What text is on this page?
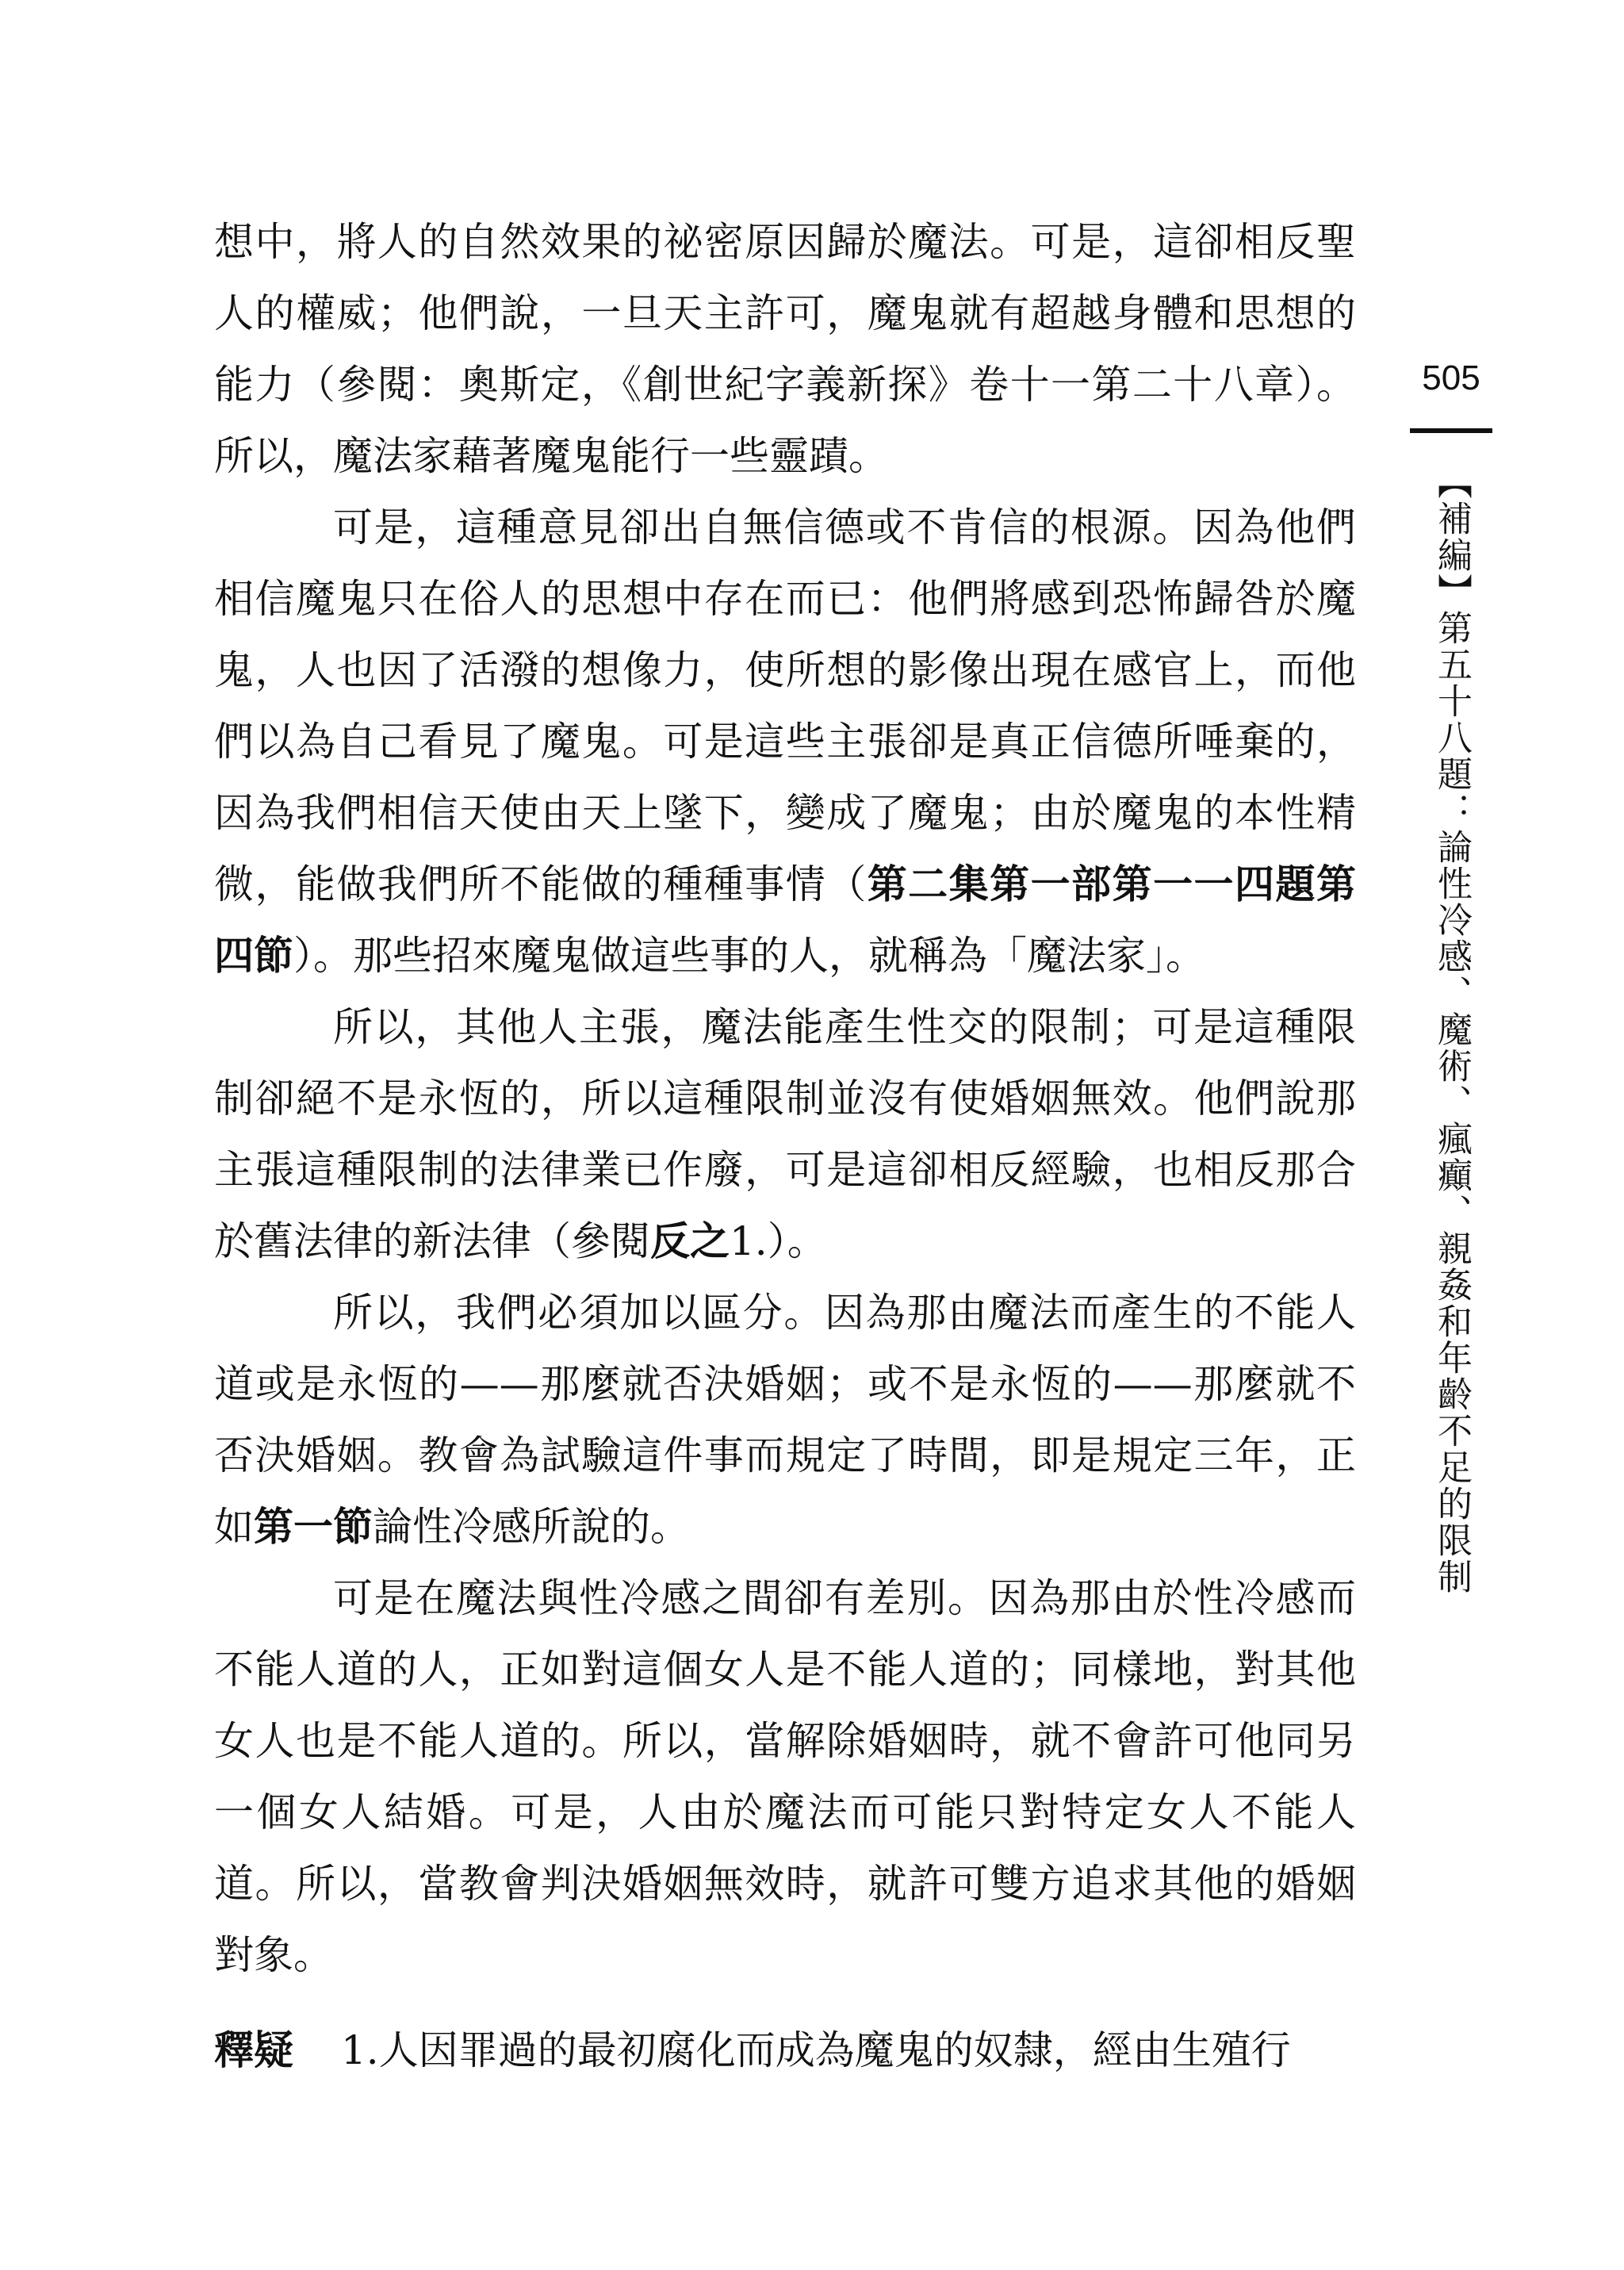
想中，將人的自然效果的祕密原因歸於魔法。可是，這卻相反聖人的權威；他們說，一旦天主許可，魔鬼就有超越身體和思想的能力（參閱：奧斯定，《創世紀字義新探》卷十一第二十八章）。所以，魔法家藉著魔鬼能行一些靈蹟。

可是，這種意見卻出自無信德或不肯信的根源。因為他們相信魔鬼只在俗人的思想中存在而已：他們將感到恐怖歸咎於魔鬼，人也因了活潑的想像力，使所想的影像出現在感官上，而他們以為自己看見了魔鬼。可是這些主張卻是真正信德所唾棄的，因為我們相信天使由天上墜下，變成了魔鬼；由於魔鬼的本性精微，能做我們所不能做的種種事情（第二集第一部第一一四題第四節）。那些招來魔鬼做這些事的人，就稱為「魔法家」。

所以，其他人主張，魔法能產生性交的限制；可是這種限制卻絕不是永恆的，所以這種限制並沒有使婚姻無效。他們說那主張這種限制的法律業已作廢，可是這卻相反經驗，也相反那合於舊法律的新法律（參閱反之1.）。

所以，我們必須加以區分。因為那由魔法而產生的不能人道或是永恆的——那麼就否決婚姻；或不是永恆的——那麼就不否決婚姻。教會為試驗這件事而規定了時間，即是規定三年，正如第一節論性冷感所說的。

可是在魔法與性冷感之間卻有差別。因為那由於性冷感而不能人道的人，正如對這個女人是不能人道的；同樣地，對其他女人也是不能人道的。所以，當解除婚姻時，就不會許可他同另一個女人結婚。可是，人由於魔法而可能只對特定女人不能人道。所以，當教會判決婚姻無效時，就許可雙方追求其他的婚姻對象。

釋疑 1.人因罪過的最初腐化而成為魔鬼的奴隸，經由生殖行
505
【補編】第五十八題：論性冷感、魔術、瘋癲、親姦和年齡不足的限制
